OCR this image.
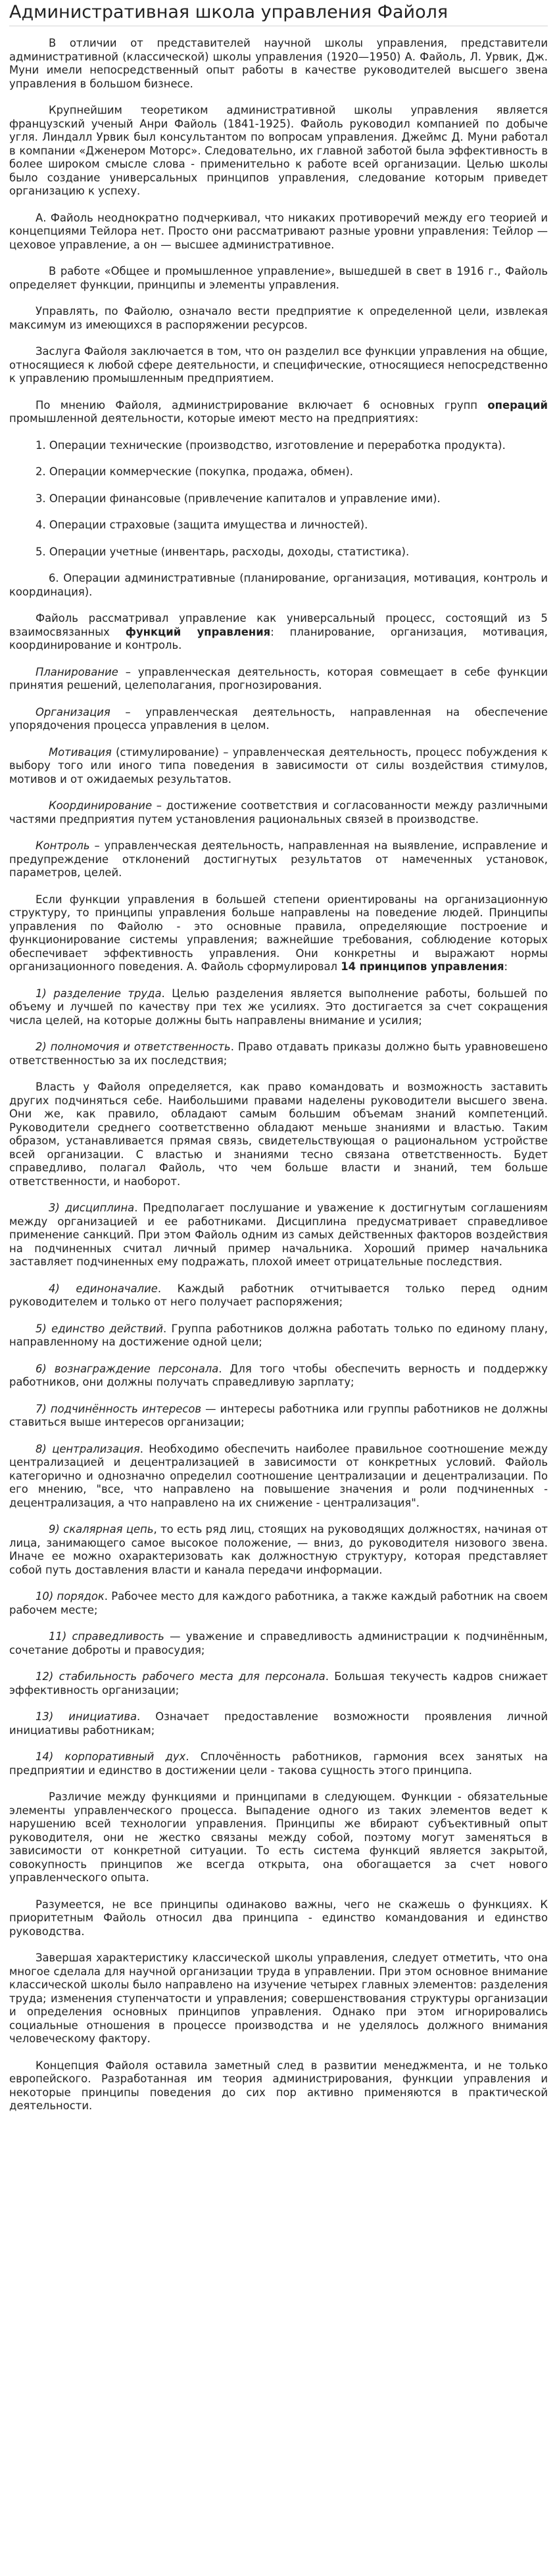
Административная школа управления Файоля

В отличии от представителей научной школы управления, представители административной (классической) школы управления (1920—1950) А. Файоль, Л. Урвик, Дж. Муни имели непосредственный опыт работы в качестве руководителей высшего звена управления в большом бизнесе.

Крупнейшим теоретиком административной школы управления является французский ученый Анри Файоль (1841-1925). Файоль руководил компанией по добыче угля. Линдалл Урвик был консультантом по вопросам управления. Джеймс Д. Муни работал в компании «Дженером Моторс». Следовательно, их главной заботой была эффективность в более широком смысле слова - применительно к работе всей организации. Целью школы было создание универсальных принципов управления, следование которым приведет организацию к успеху.

А. Файоль неоднократно подчеркивал, что никаких противоречий между его теорией и концепциями Тейлора нет. Просто они рассматривают разные уровни управления: Тейлор — цеховое управление, а он — высшее административное.

В работе «Общее и промышленное управление», вышедшей в свет в 1916 г., Файоль определяет функции, принципы и элементы управления.

Управлять, по Файолю, означало вести предприятие к определенной цели, извлекая максимум из имеющихся в распоряжении ресурсов.

Заслуга Файоля заключается в том, что он разделил все функции управления на общие, относящиеся к любой сфере деятельности, и специфические, относящиеся непосредственно к управлению промышленным предприятием.

По мнению Файоля, администрирование включает 6 основных групп операций промышленной деятельности, которые имеют место на предприятиях:

1. Операции технические (производство, изготовление и переработка продукта).

2. Операции коммерческие (покупка, продажа, обмен).

3. Операции финансовые (привлечение капиталов и управление ими).

4. Операции страховые (защита имущества и личностей).

5. Операции учетные (инвентарь, расходы, доходы, статистика).

6. Операции административные (планирование, организация, мотивация, контроль и координация).

Файоль рассматривал управление как универсальный процесс, состоящий из 5 взаимосвязанных функций управления: планирование, организация, мотивация, координирование и контроль.

Планирование – управленческая деятельность, которая совмещает в себе функции принятия решений, целеполагания, прогнозирования.

Организация – управленческая деятельность, направленная на обеспечение упорядочения процесса управления в целом.

Мотивация (стимулирование) – управленческая деятельность, процесс побуждения к выбору того или иного типа поведения в зависимости от силы воздействия стимулов, мотивов и от ожидаемых результатов.

Координирование – достижение соответствия и согласованности между различными частями предприятия путем установления рациональных связей в производстве.

Контроль – управленческая деятельность, направленная на выявление, исправление и предупреждение отклонений достигнутых результатов от намеченных установок, параметров, целей.

Если функции управления в большей степени ориентированы на организационную структуру, то принципы управления больше направлены на поведение людей. Принципы управления по Файолю - это основные правила, определяющие построение и функционирование системы управления; важнейшие требования, соблюдение которых обеспечивает эффективность управления. Они конкретны и выражают нормы организационного поведения. А. Файоль сформулировал 14 принципов управления:

1) разделение труда. Целью разделения является выполнение работы, большей по объему и лучшей по качеству при тех же усилиях. Это достигается за счет сокращения числа целей, на которые должны быть направлены внимание и усилия;

2) полномочия и ответственность. Право отдавать приказы должно быть уравновешено ответственностью за их последствия;

Власть у Файоля определяется, как право командовать и возможность заставить других подчиняться себе. Наибольшими правами наделены руководители высшего звена. Они же, как правило, обладают самым большим объемам знаний компетенций. Руководители среднего соответственно обладают меньше знаниями и властью. Таким образом, устанавливается прямая связь, свидетельствующая о рациональном устройстве всей организации. С властью и знаниями тесно связана ответственность. Будет справедливо, полагал Файоль, что чем больше власти и знаний, тем больше ответственности, и наоборот.

3) дисциплина. Предполагает послушание и уважение к достигнутым соглашениям между организацией и ее работниками. Дисциплина предусматривает справедливое применение санкций. При этом Файоль одним из самых действенных факторов воздействия на подчиненных считал личный пример начальника. Хороший пример начальника заставляет подчиненных ему подражать, плохой имеет отрицательные последствия.

4) единоначалие. Каждый работник отчитывается только перед одним руководителем и только от него получает распоряжения;

5) единство действий. Группа работников должна работать только по единому плану, направленному на достижение одной цели;

6) вознаграждение персонала. Для того чтобы обеспечить верность и поддержку работников, они должны получать справедливую зарплату;

7) подчинённость интересов — интересы работника или группы работников не должны ставиться выше интересов организации;

8) централизация. Необходимо обеспечить наиболее правильное соотношение между централизацией и децентрализацией в зависимости от конкретных условий. Файоль категорично и однозначно определил соотношение централизации и децентрализации. По его мнению, "все, что направлено на повышение значения и роли подчиненных - децентрализация, а что направлено на их снижение - централизация".

9) скалярная цепь, то есть ряд лиц, стоящих на руководящих должностях, начиная от лица, занимающего самое высокое положение, — вниз, до руководителя низового звена. Иначе ее можно охарактеризовать как должностную структуру, которая представляет собой путь доставления власти и канала передачи информации.

10) порядок. Рабочее место для каждого работника, а также каждый работник на своем рабочем месте;

11) справедливость — уважение и справедливость администрации к подчинённым, сочетание доброты и правосудия;

12) стабильность рабочего места для персонала. Большая текучесть кадров снижает эффективность организации;

13) инициатива. Означает предоставление возможности проявления личной инициативы работникам;

14) корпоративный дух. Сплочённость работников, гармония всех занятых на предприятии и единство в достижении цели - такова сущность этого принципа.

Различие между функциями и принципами в следующем. Функции - обязательные элементы управленческого процесса. Выпадение одного из таких элементов ведет к нарушению всей технологии управления. Принципы же вбирают субъективный опыт руководителя, они не жестко связаны между собой, поэтому могут заменяться в зависимости от конкретной ситуации. То есть система функций является закрытой, совокупность принципов же всегда открыта, она обогащается за счет нового управленческого опыта.

Разумеется, не все принципы одинаково важны, чего не скажешь о функциях. К приоритетным Файоль относил два принципа - единство командования и единство руководства.

Завершая характеристику классической школы управления, следует отметить, что она многое сделала для научной организации труда в управлении. При этом основное внимание классической школы было направлено на изучение четырех главных элементов: разделения труда; изменения ступенчатости и управления; совершенствования структуры организации и определения основных принципов управления. Однако при этом игнорировались социальные отношения в процессе производства и не уделялось должного внимания человеческому фактору.

Концепция Файоля оставила заметный след в развитии менеджмента, и не только европейского. Разработанная им теория администрирования, функции управления и некоторые принципы поведения до сих пор активно применяются в практической деятельности.
